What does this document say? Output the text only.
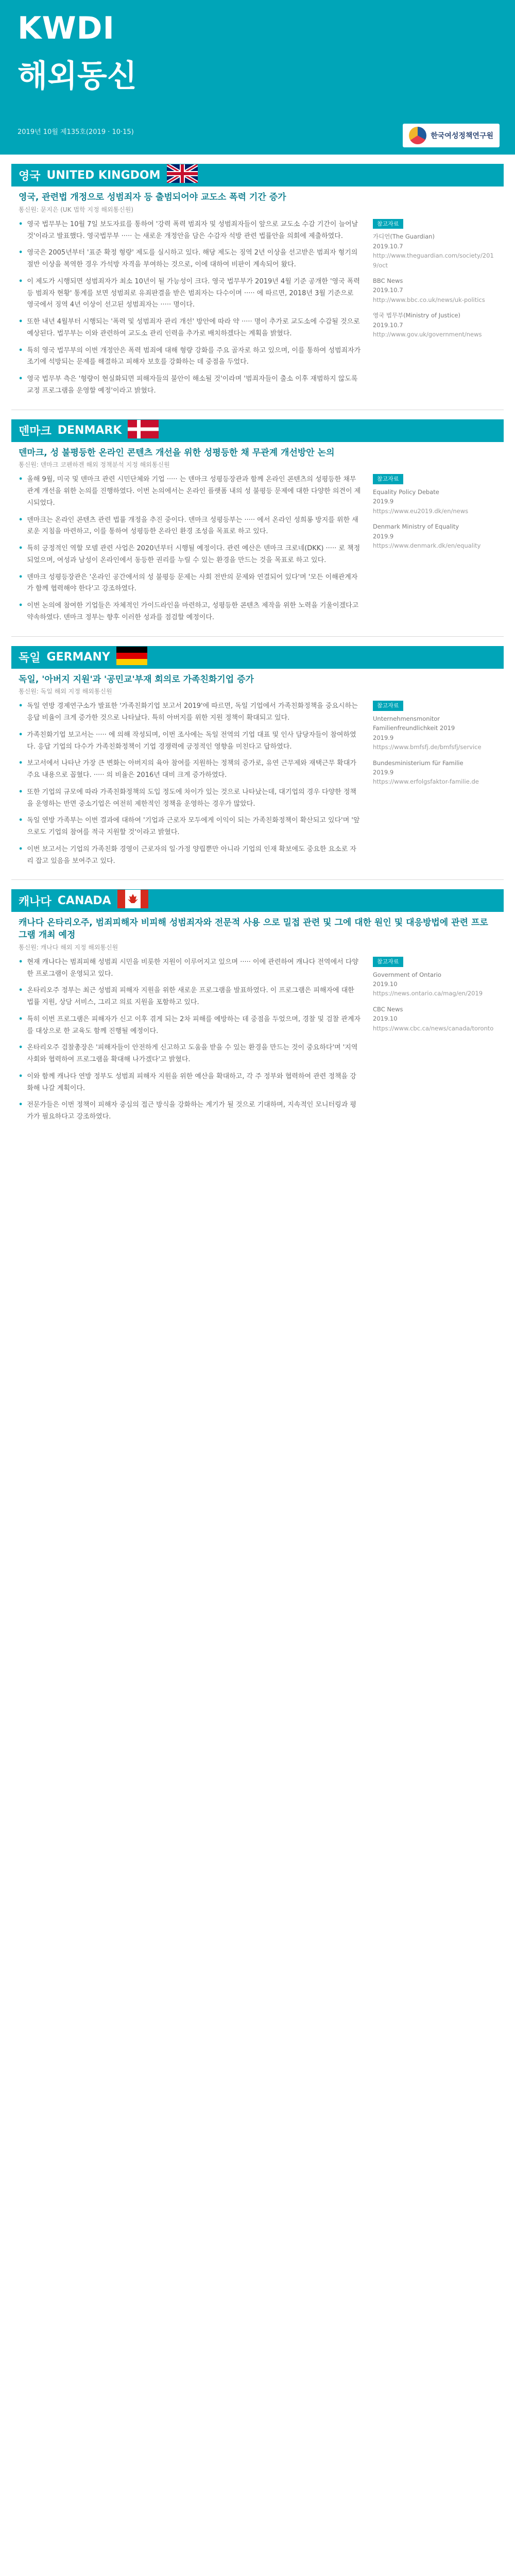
KWDI
해외동신
2019년 10월 제135호(2019 · 10·15)	한국여성정책연구원
영국 UNITED KINGDOM
영국, 관련법 개정으로 성범죄자 등 출범되어야 교도소 폭력 기간 증가
통신원: 문지은 (UK 법학 지정 해외통신원)
• 영국 법무부는 10월 7일 보도자료를 통하여 '강력 폭력 범죄자 및 성범죄자들이 앞으로 교도소 수감 기간이 늘어날 것'이라고 발표했다. 영국법무부 ····· 는 새로운 개정안을 담은 수감자 석방 관련 법률안을 의회에 제출하였다.
• 영국은 2005년부터 '표준 확정 형량' 제도를 실시하고 있다. 해당 제도는 징역 2년 이상을 선고받은 범죄자 형기의 절반 이상을 복역한 경우 가석방 자격을 부여하는 것으로, 이에 대하여 비판이 계속되어 왔다.
• 이 제도가 시행되면 성범죄자가 최소 10년이 될 가능성이 크다. 영국 법무부가 2019년 4월 기준 공개한 '영국 폭력 등 범죄자 현황' 통계를 보면 성범죄로 유죄판결을 받은 범죄자는 다수이며 ····· 에 따르면, 2018년 3월 기준으로 영국에서 징역 4년 이상이 선고된 성범죄자는 ····· 명이다.
• 또한 내년 4월부터 시행되는 '폭력 및 성범죄자 관리 개선' 방안에 따라 약 ····· 명이 추가로 교도소에 수감될 것으로 예상된다. 법무부는 이와 관련하여 교도소 관리 인력을 추가로 배치하겠다는 계획을 밝혔다.
• 특히 영국 법무부의 이번 개정안은 폭력 범죄에 대해 형량 강화를 주요 골자로 하고 있으며, 이를 통하여 성범죄자가 조기에 석방되는 문제를 해결하고 피해자 보호를 강화하는 데 중점을 두었다.
• 영국 법무부 측은 '형량이 현실화되면 피해자들의 불안이 해소될 것'이라며 '범죄자들이 출소 이후 재범하지 않도록 교정 프로그램을 운영할 예정'이라고 밝혔다.
참고자료
가디언(The Guardian)
2019.10.7
http://www.theguardian.com/society/2019/oct
BBC News
2019.10.7
http://www.bbc.co.uk/news/uk-politics
영국 법무부(Ministry of Justice)
2019.10.7
http://www.gov.uk/government/news
덴마크 DENMARK
덴마크, 성 불평등한 온라인 콘텐츠 개선을 위한 성평등한 채 무관계 개선방안 논의
통신원: 덴마크 코펜하겐 해외 정책분석 지정 해외통신원
• 올해 9월, 미국 및 덴마크 관련 시민단체와 기업 ····· 는 덴마크 성평등장관과 함께 온라인 콘텐츠의 성평등한 채무관계 개선을 위한 논의를 진행하였다. 이번 논의에서는 온라인 플랫폼 내의 성 불평등 문제에 대한 다양한 의견이 제시되었다.
• 덴마크는 온라인 콘텐츠 관련 법률 개정을 추진 중이다. 덴마크 성평등부는 ····· 에서 온라인 성희롱 방지를 위한 새로운 지침을 마련하고, 이를 통하여 성평등한 온라인 환경 조성을 목표로 하고 있다.
• 특히 긍정적인 역할 모델 관련 사업은 2020년부터 시행될 예정이다. 관련 예산은 덴마크 크로네(DKK) ····· 로 책정되었으며, 여성과 남성이 온라인에서 동등한 권리를 누릴 수 있는 환경을 만드는 것을 목표로 하고 있다.
• 덴마크 성평등장관은 '온라인 공간에서의 성 불평등 문제는 사회 전반의 문제와 연결되어 있다'며 '모든 이해관계자가 함께 협력해야 한다'고 강조하였다.
• 이번 논의에 참여한 기업들은 자체적인 가이드라인을 마련하고, 성평등한 콘텐츠 제작을 위한 노력을 기울이겠다고 약속하였다. 덴마크 정부는 향후 이러한 성과를 점검할 예정이다.
참고자료
Equality Policy Debate
2019.9
https://www.eu2019.dk/en/news
Denmark Ministry of Equality
2019.9
https://www.denmark.dk/en/equality
독일 GERMANY
독일, '아버지 지원'과 '공민교'부재 회의로 가족친화기업 증가
통신원: 독일 해외 지정 해외통신원
• 독일 연방 경제연구소가 발표한 '가족친화기업 보고서 2019'에 따르면, 독일 기업에서 가족친화정책을 중요시하는 응답 비율이 크게 증가한 것으로 나타났다. 특히 아버지를 위한 지원 정책이 확대되고 있다.
• 가족친화기업 보고서는 ····· 에 의해 작성되며, 이번 조사에는 독일 전역의 기업 대표 및 인사 담당자들이 참여하였다. 응답 기업의 다수가 가족친화정책이 기업 경쟁력에 긍정적인 영향을 미친다고 답하였다.
• 보고서에서 나타난 가장 큰 변화는 아버지의 육아 참여를 지원하는 정책의 증가로, 유연 근무제와 재택근무 확대가 주요 내용으로 꼽혔다. ····· 의 비율은 2016년 대비 크게 증가하였다.
• 또한 기업의 규모에 따라 가족친화정책의 도입 정도에 차이가 있는 것으로 나타났는데, 대기업의 경우 다양한 정책을 운영하는 반면 중소기업은 여전히 제한적인 정책을 운영하는 경우가 많았다.
• 독일 연방 가족부는 이번 결과에 대하여 '기업과 근로자 모두에게 이익이 되는 가족친화정책이 확산되고 있다'며 '앞으로도 기업의 참여를 적극 지원할 것'이라고 밝혔다.
• 이번 보고서는 기업의 가족친화 경영이 근로자의 일·가정 양립뿐만 아니라 기업의 인재 확보에도 중요한 요소로 자리 잡고 있음을 보여주고 있다.
참고자료
Unternehmensmonitor Familienfreundlichkeit 2019
2019.9
https://www.bmfsfj.de/bmfsfj/service
Bundesministerium für Familie
2019.9
https://www.erfolgsfaktor-familie.de
캐나다 CANADA
캐나다 온타리오주, 범죄피해자 비피해 성범죄자와 전문적 사용 으로 밀접 관련 및 그에 대한 원인 및 대응방법에 관련 프로그램 개최 예정
통신원: 캐나다 해외 지정 해외통신원
• 현재 캐나다는 범죄피해 성범죄 시민을 비롯한 지원이 이루어지고 있으며 ····· 이에 관련하여 캐나다 전역에서 다양한 프로그램이 운영되고 있다.
• 온타리오주 정부는 최근 성범죄 피해자 지원을 위한 새로운 프로그램을 발표하였다. 이 프로그램은 피해자에 대한 법률 지원, 상담 서비스, 그리고 의료 지원을 포함하고 있다.
• 특히 이번 프로그램은 피해자가 신고 이후 겪게 되는 2차 피해를 예방하는 데 중점을 두었으며, 경찰 및 검찰 관계자를 대상으로 한 교육도 함께 진행될 예정이다.
• 온타리오주 검찰총장은 '피해자들이 안전하게 신고하고 도움을 받을 수 있는 환경을 만드는 것이 중요하다'며 '지역사회와 협력하여 프로그램을 확대해 나가겠다'고 밝혔다.
• 이와 함께 캐나다 연방 정부도 성범죄 피해자 지원을 위한 예산을 확대하고, 각 주 정부와 협력하여 관련 정책을 강화해 나갈 계획이다.
• 전문가들은 이번 정책이 피해자 중심의 접근 방식을 강화하는 계기가 될 것으로 기대하며, 지속적인 모니터링과 평가가 필요하다고 강조하였다.
참고자료
Government of Ontario
2019.10
https://news.ontario.ca/mag/en/2019
CBC News
2019.10
https://www.cbc.ca/news/canada/toronto
